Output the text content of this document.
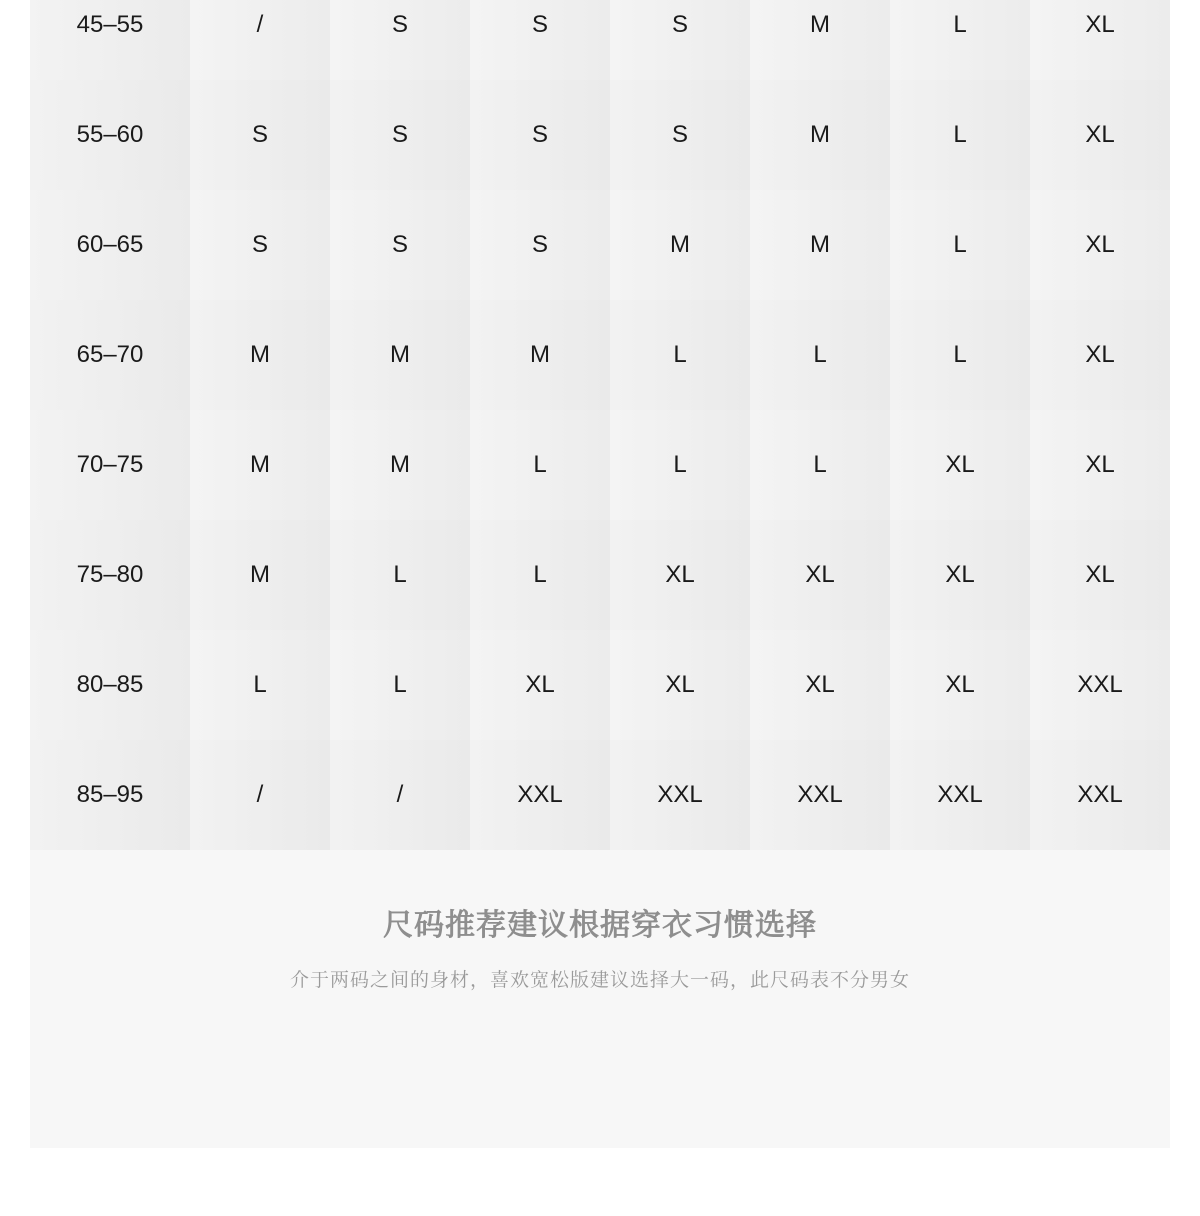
45–55	/	S	S	S	M	L	XL
55–60	S	S	S	S	M	L	XL
60–65	S	S	S	M	M	L	XL
65–70	M	M	M	L	L	L	XL
70–75	M	M	L	L	L	XL	XL
75–80	M	L	L	XL	XL	XL	XL
80–85	L	L	XL	XL	XL	XL	XXL
85–95	/	/	XXL	XXL	XXL	XXL	XXL
尺码推荐建议根据穿衣习惯选择
介于两码之间的身材，喜欢宽松版建议选择大一码，此尺码表不分男女
